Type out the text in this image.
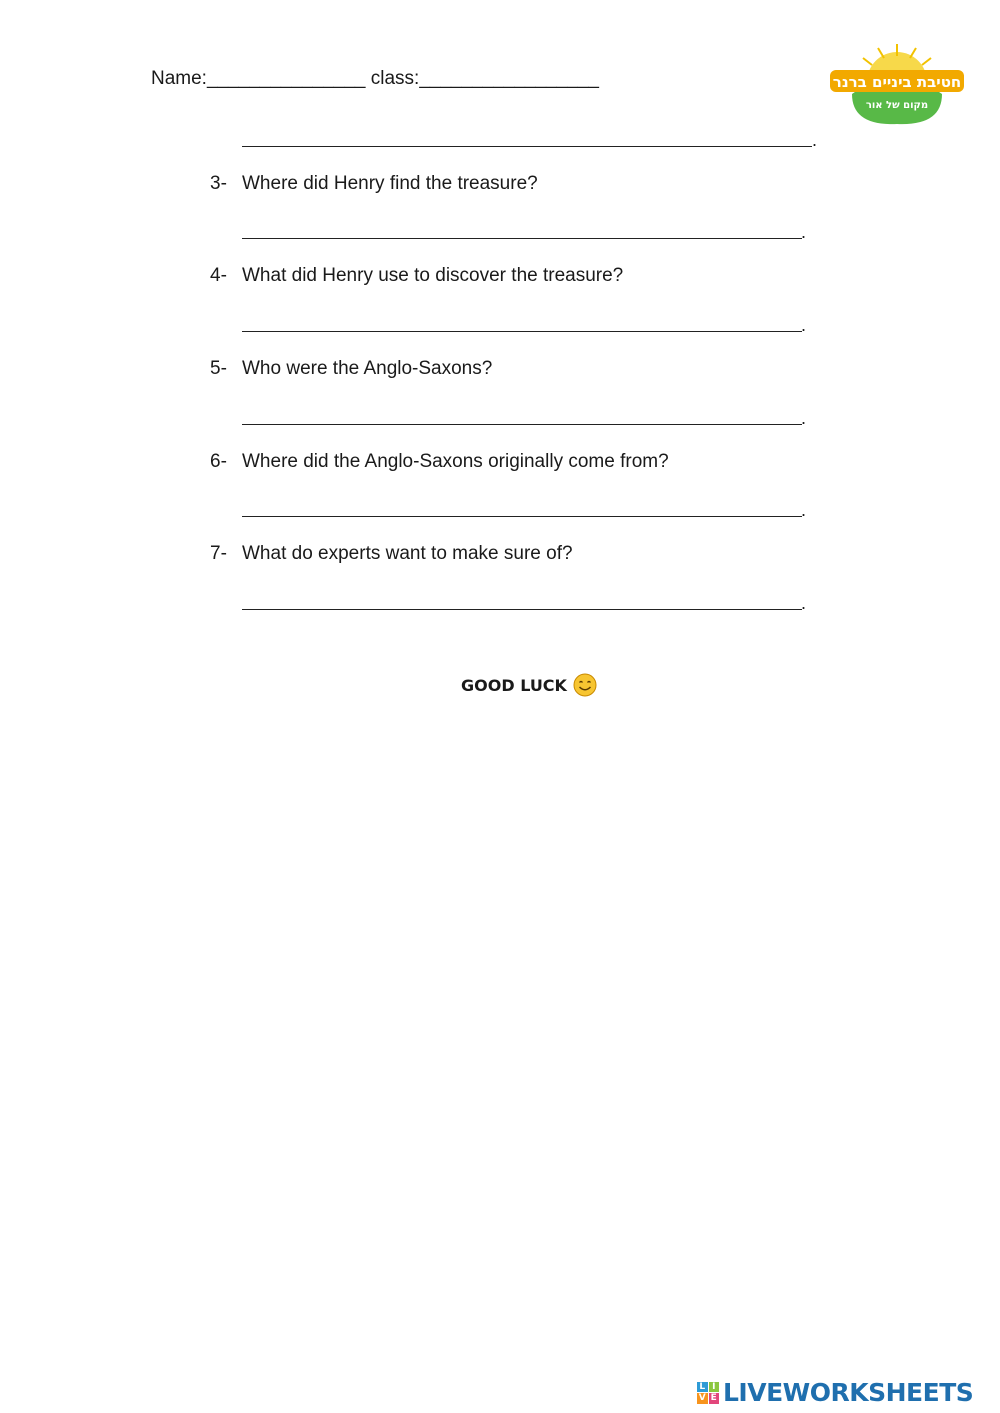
Name:_______________ class:_________________	חטיבת ביניים ברנר
מקום של אור
.
3- Where did Henry find the treasure?
.
4- What did Henry use to discover the treasure?
.
5- Who were the Anglo-Saxons?
.
6- Where did the Anglo-Saxons originally come from?
.
7- What do experts want to make sure of?
.
GOOD LUCK
L I
V E LIVEWORKSHEETS
